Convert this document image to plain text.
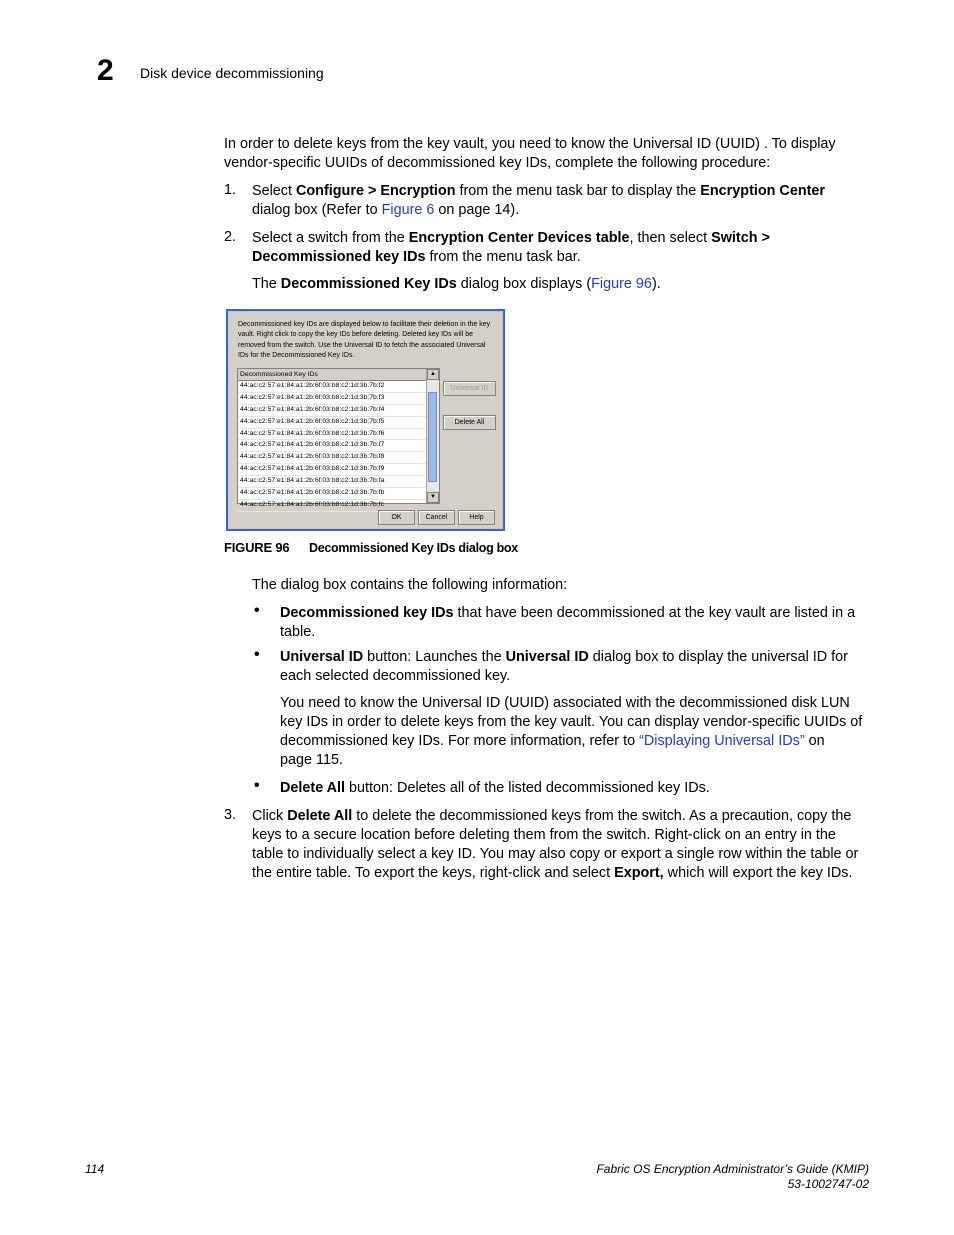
2 Disk device decommissioning
In order to delete keys from the key vault, you need to know the Universal ID (UUID) . To display
vendor-specific UUIDs of decommissioned key IDs, complete the following procedure:
1. Select Configure > Encryption from the menu task bar to display the Encryption Center
dialog box (Refer to Figure 6 on page 14).
2. Select a switch from the Encryption Center Devices table, then select Switch >
Decommissioned key IDs from the menu task bar.
The Decommissioned Key IDs dialog box displays (Figure 96).
Decommissioned key IDs are displayed below to facilitate their deletion in the key vault. Right click to copy the key IDs before deleting. Deleted key IDs will be removed from the switch. Use the Universal ID to fetch the associated Universal IDs for the Decommissioned Key IDs.
Decommissioned Key IDs
44:ac:c2:57:e1:84:a1:2b:6f:03:b8:c2:1d:3b:7b:f2
44:ac:c2:57:e1:84:a1:2b:6f:03:b8:c2:1d:3b:7b:f3
44:ac:c2:57:e1:84:a1:2b:6f:03:b8:c2:1d:3b:7b:f4
44:ac:c2:57:e1:84:a1:2b:6f:03:b8:c2:1d:3b:7b:f5
44:ac:c2:57:e1:84:a1:2b:6f:03:b8:c2:1d:3b:7b:f6
44:ac:c2:57:e1:84:a1:2b:6f:03:b8:c2:1d:3b:7b:f7
44:ac:c2:57:e1:84:a1:2b:6f:03:b8:c2:1d:3b:7b:f8
44:ac:c2:57:e1:84:a1:2b:6f:03:b8:c2:1d:3b:7b:f9
44:ac:c2:57:e1:84:a1:2b:6f:03:b8:c2:1d:3b:7b:fa
44:ac:c2:57:e1:84:a1:2b:6f:03:b8:c2:1d:3b:7b:fb
44:ac:c2:57:e1:84:a1:2b:6f:03:b8:c2:1d:3b:7b:fc
▲
▼
Universal ID
Delete All
OK	Cancel	Help
FIGURE 96 Decommissioned Key IDs dialog box
The dialog box contains the following information:
• Decommissioned key IDs that have been decommissioned at the key vault are listed in a
table.
• Universal ID button: Launches the Universal ID dialog box to display the universal ID for
each selected decommissioned key.
You need to know the Universal ID (UUID) associated with the decommissioned disk LUN
key IDs in order to delete keys from the key vault. You can display vendor-specific UUIDs of
decommissioned key IDs. For more information, refer to “Displaying Universal IDs” on
page 115.
• Delete All button: Deletes all of the listed decommissioned key IDs.
3. Click Delete All to delete the decommissioned keys from the switch. As a precaution, copy the
keys to a secure location before deleting them from the switch. Right-click on an entry in the
table to individually select a key ID. You may also copy or export a single row within the table or
the entire table. To export the keys, right-click and select Export, which will export the key IDs.
114	Fabric OS Encryption Administrator’s Guide (KMIP)
53-1002747-02
